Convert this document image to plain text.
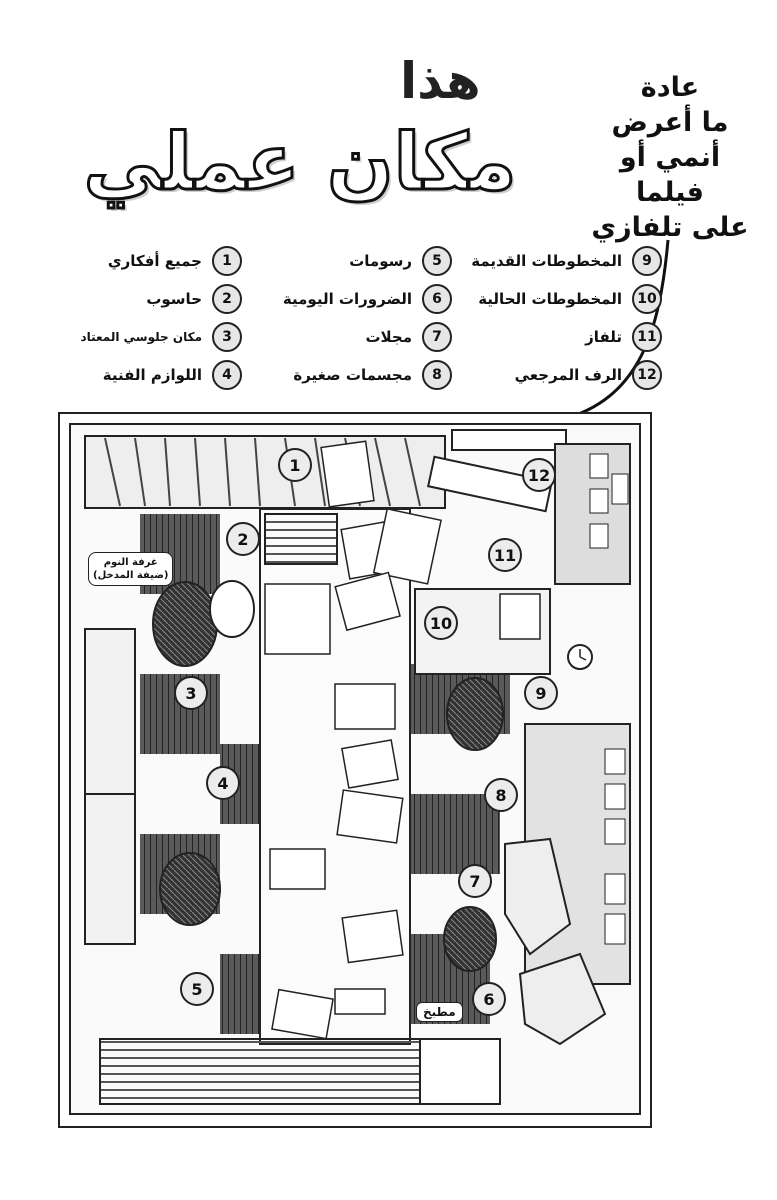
هذا
مكان عملي
عادة
ما أعرض
أنمي أو فيلما
على تلفازي
1
جميع أفكاري
2
حاسوب
3
مكان جلوسي المعتاد
4
اللوازم الفنية
5
رسومات
6
الضرورات اليومية
7
مجلات
8
مجسمات صغيرة
9
المخطوطات القديمة
10
المخطوطات الحالية
11
تلفاز
12
الرف المرجعي
1
2
3
4
5
6
7
8
9
10
11
12
غرفة النوم
(ضيفة المدخل)
مطبخ
